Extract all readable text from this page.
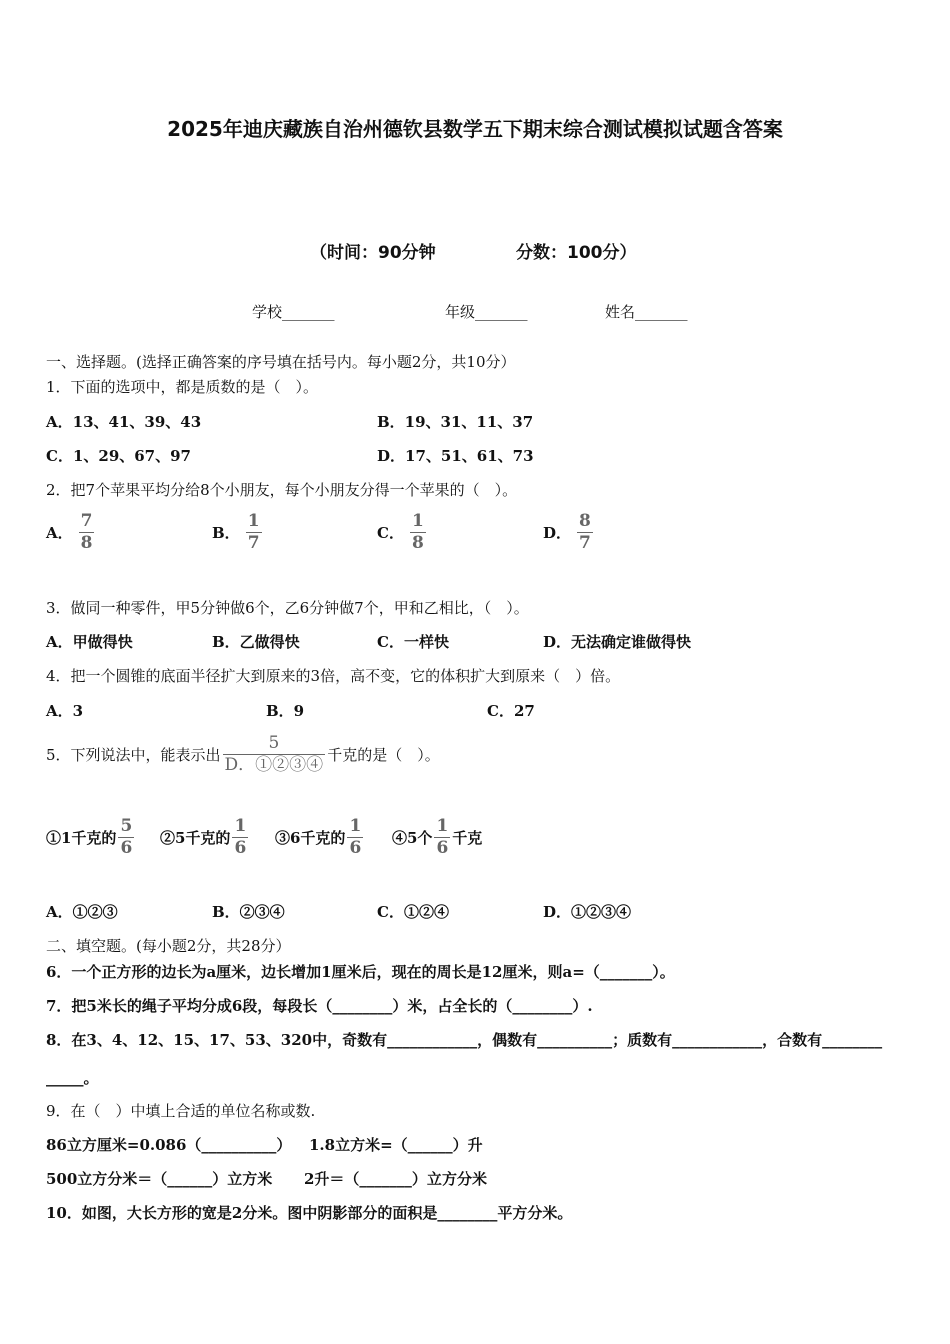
2025年迪庆藏族自治州德钦县数学五下期末综合测试模拟试题含答案
（时间：90分钟	分数：100分）
学校_______	年级_______	姓名_______
一、选择题。(选择正确答案的序号填在括号内。每小题2分，共10分）
1．下面的选项中，都是质数的是（　）。
A．13、41、39、43	B．19、31、11、37
C．1、29、67、97	D．17、51、61、73
2．把7个苹果平均分给8个小朋友，每个小朋友分得一个苹果的（　）。
A． $\frac{7}{8}$	B． $\frac{1}{7}$	C． $\frac{1}{8}$	D． $\frac{8}{7}$
3．做同一种零件，甲5分钟做6个，乙6分钟做7个，甲和乙相比，（　）。
A．甲做得快	B．乙做得快	C．一样快	D．无法确定谁做得快
4．把一个圆锥的底面半径扩大到原来的3倍，高不变，它的体积扩大到原来（　）倍。
A．3	B．9	C．27
5．下列说法中，能表示出 $\frac{5}{\text{D．①②③④}}$ 千克的是（　）。
①1千克的 $\frac{5}{6}$ ②5千克的 $\frac{1}{6}$ ③6千克的 $\frac{1}{6}$ ④5个 $\frac{1}{6}$ 千克
A．①②③	B．②③④	C．①②④	D．①②③④
二、填空题。(每小题2分，共28分）
6．一个正方形的边长为a厘米，边长增加1厘米后，现在的周长是12厘米，则a=（_______）。
7．把5米长的绳子平均分成6段，每段长（________）米，占全长的（________）.
8．在3、4、12、15、17、53、320中，奇数有____________，偶数有__________；质数有____________，合数有________
_____。
9．在（　）中填上合适的单位名称或数.
86立方厘米=0.086（__________） 1.8立方米=（______）升
500立方分米＝（______）立方米 2升＝（_______）立方分米
10．如图，大长方形的宽是2分米。图中阴影部分的面积是________平方分米。
